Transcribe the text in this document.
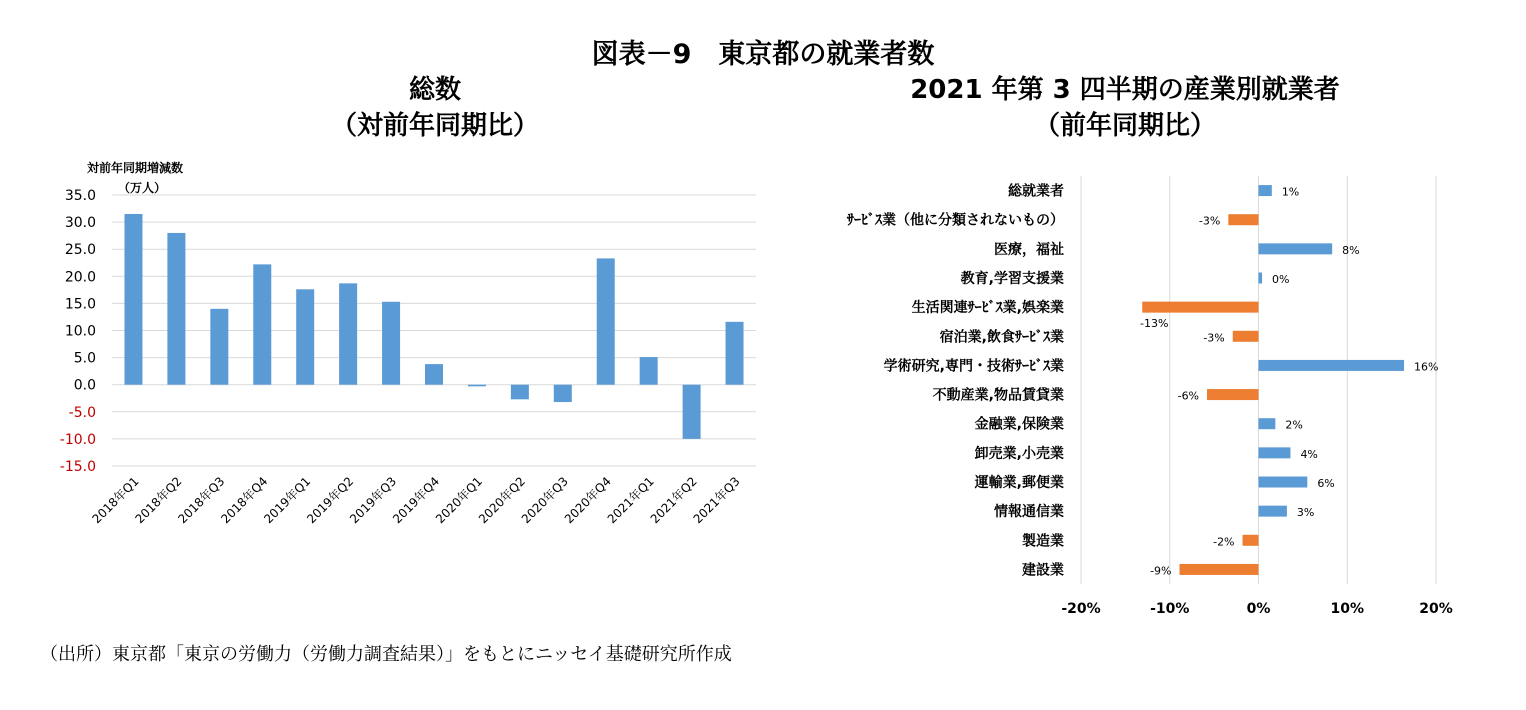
図表－9　東京都の就業者数
総数
（対前年同期比）
2021 年第 3 四半期の産業別就業者
（前年同期比）
対前年同期増減数
（万人）
35.0
30.0
25.0
20.0
15.0
10.0
5.0
0.0
-5.0
-10.0
-15.0
2018年Q1
2018年Q2
2018年Q3
2018年Q4
2019年Q1
2019年Q2
2019年Q3
2019年Q4
2020年Q1
2020年Q2
2020年Q3
2020年Q4
2021年Q1
2021年Q2
2021年Q3
-20%	-10%	0%	10%	20%
総就業者	1%
ｻｰﾋﾞｽ業（他に分類されないもの）	-3%
医療，福祉	8%
教育,学習支援業	0%
生活関連ｻｰﾋﾞｽ業,娯楽業
-13%
宿泊業,飲食ｻｰﾋﾞｽ業	-3%
学術研究,専門・技術ｻｰﾋﾞｽ業	16%
不動産業,物品賃貸業	-6%
金融業,保険業	2%
卸売業,小売業	4%
運輸業,郵便業	6%
情報通信業	3%
製造業	-2%
建設業	-9%
（出所）東京都「東京の労働力（労働力調査結果）」をもとにニッセイ基礎研究所作成
